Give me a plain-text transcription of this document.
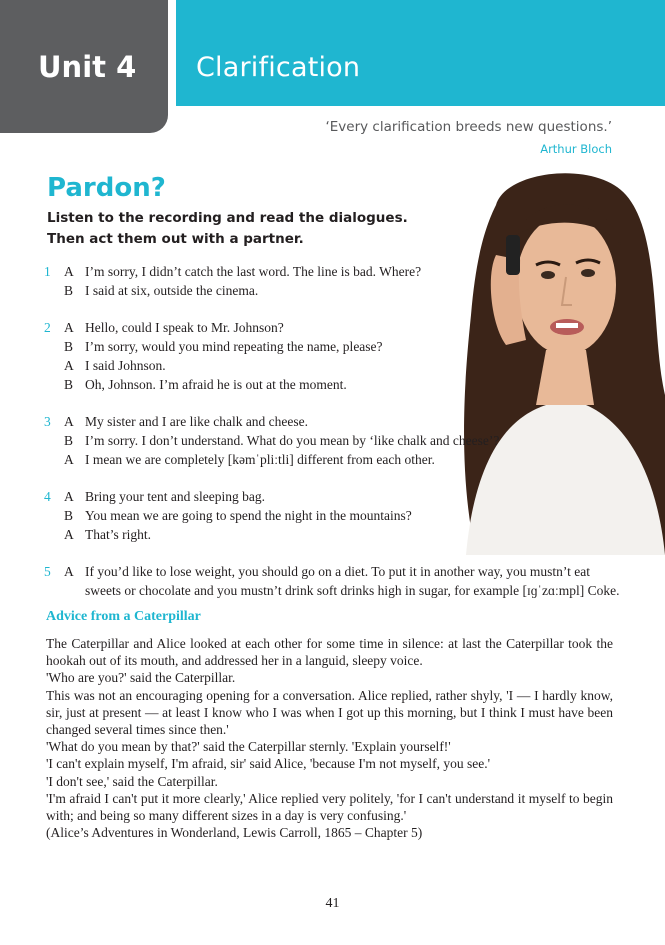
Unit 4 Clarification
‘Every clarification breeds new questions.’
Arthur Bloch
Pardon?
Listen to the recording and read the dialogues.
Then act them out with a partner.
1 A I’m sorry, I didn’t catch the last word. The line is bad. Where?
B I said at six, outside the cinema.
2 A Hello, could I speak to Mr. Johnson?
B I’m sorry, would you mind repeating the name, please?
A I said Johnson.
B Oh, Johnson. I’m afraid he is out at the moment.
3 A My sister and I are like chalk and cheese.
B I’m sorry. I don’t understand. What do you mean by ‘like chalk and cheese’?
A I mean we are completely [kəmˈpliːtli] different from each other.
4 A Bring your tent and sleeping bag.
B You mean we are going to spend the night in the mountains?
A That’s right.
5 A If you’d like to lose weight, you should go on a diet. To put it in another way, you mustn’t eat sweets or chocolate and you mustn’t drink soft drinks high in sugar, for example [ɪɡˈzɑːmpl] Coke.
Advice from a Caterpillar

The Caterpillar and Alice looked at each other for some time in silence: at last the Caterpillar took the hookah out of its mouth, and addressed her in a languid, sleepy voice.

'Who are you?' said the Caterpillar.

This was not an encouraging opening for a conversation. Alice replied, rather shyly, 'I — I hardly know, sir, just at present — at least I know who I was when I got up this morning, but I think I must have been changed several times since then.'

'What do you mean by that?' said the Caterpillar sternly. 'Explain yourself!'

'I can't explain myself, I'm afraid, sir' said Alice, 'because I'm not myself, you see.'

'I don't see,' said the Caterpillar.

'I'm afraid I can't put it more clearly,' Alice replied very politely, 'for I can't understand it myself to begin with; and being so many different sizes in a day is very confusing.'

(Alice’s Adventures in Wonderland, Lewis Carroll, 1865 – Chapter 5)

41
